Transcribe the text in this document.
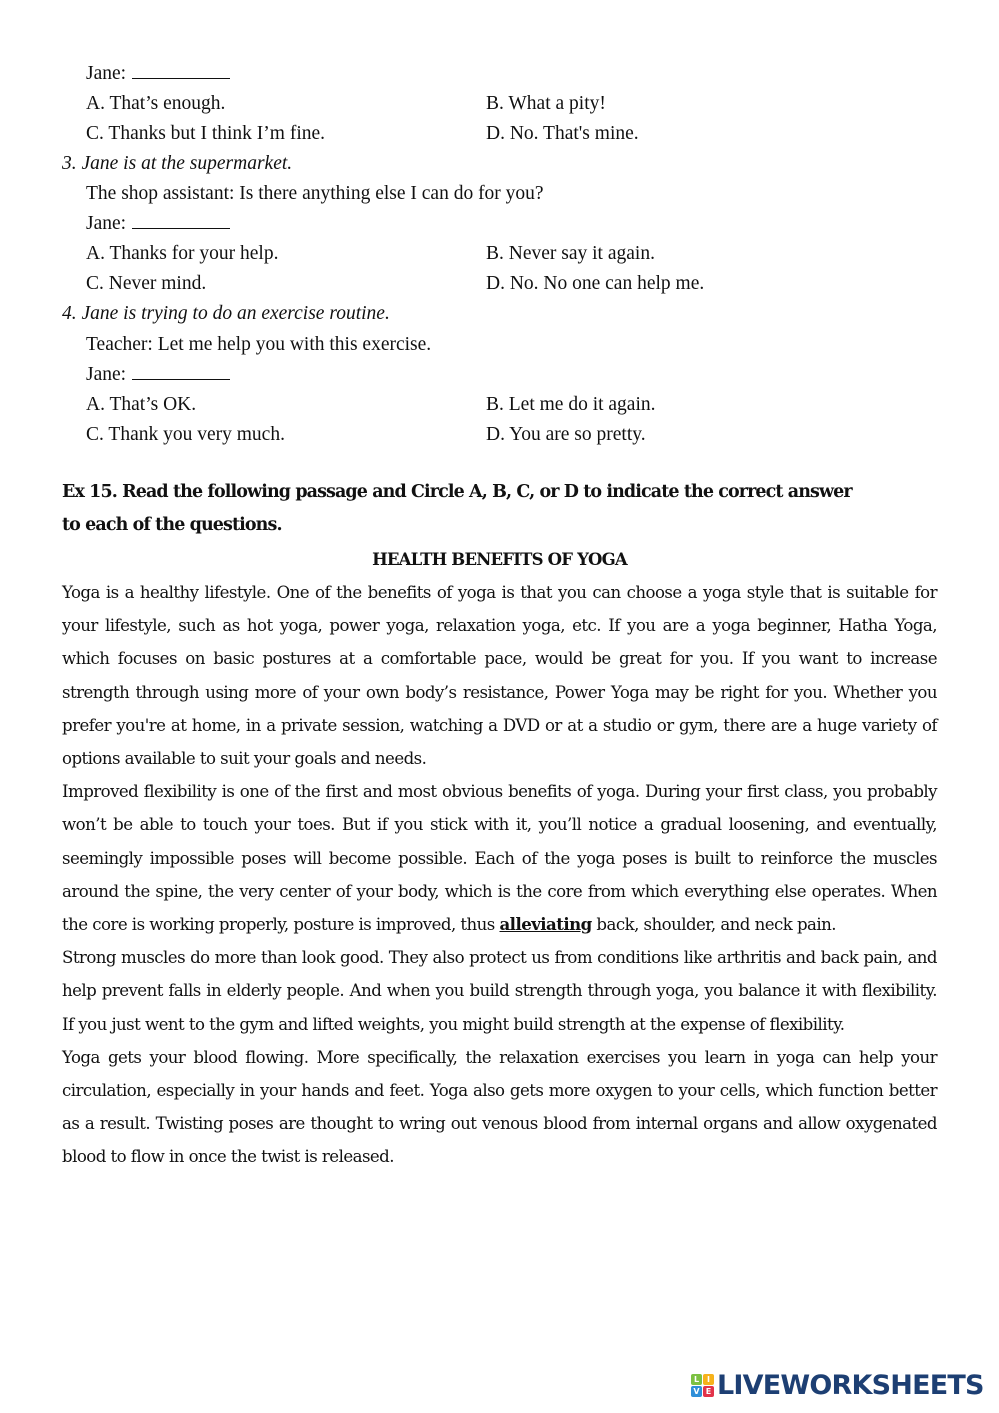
Jane:
A. That’s enough.	B. What a pity!
C. Thanks but I think I’m fine.	D. No. That's mine.
3. Jane is at the supermarket.
The shop assistant: Is there anything else I can do for you?
Jane:
A. Thanks for your help.	B. Never say it again.
C. Never mind.	D. No. No one can help me.
4. Jane is trying to do an exercise routine.
Teacher: Let me help you with this exercise.
Jane:
A. That’s OK.	B. Let me do it again.
C. Thank you very much.	D. You are so pretty.
Ex 15. Read the following passage and Circle A, B, C, or D to indicate the correct answer
to each of the questions.
HEALTH BENEFITS OF YOGA

Yoga is a healthy lifestyle. One of the benefits of yoga is that you can choose a yoga style that is suitable for your lifestyle, such as hot yoga, power yoga, relaxation yoga, etc. If you are a yoga beginner, Hatha Yoga, which focuses on basic postures at a comfortable pace, would be great for you. If you want to increase strength through using more of your own body’s resistance, Power Yoga may be right for you. Whether you prefer you're at home, in a private session, watching a DVD or at a studio or gym, there are a huge variety of options available to suit your goals and needs.

Improved flexibility is one of the first and most obvious benefits of yoga. During your first class, you probably won’t be able to touch your toes. But if you stick with it, you’ll notice a gradual loosening, and eventually, seemingly impossible poses will become possible. Each of the yoga poses is built to reinforce the muscles around the spine, the very center of your body, which is the core from which everything else operates. When the core is working properly, posture is improved, thus alleviating back, shoulder, and neck pain.

Strong muscles do more than look good. They also protect us from conditions like arthritis and back pain, and help prevent falls in elderly people. And when you build strength through yoga, you balance it with flexibility. If you just went to the gym and lifted weights, you might build strength at the expense of flexibility.

Yoga gets your blood flowing. More specifically, the relaxation exercises you learn in yoga can help your circulation, especially in your hands and feet. Yoga also gets more oxygen to your cells, which function better as a result. Twisting poses are thought to wring out venous blood from internal organs and allow oxygenated blood to flow in once the twist is released.

L I
V E LIVEWORKSHEETS
